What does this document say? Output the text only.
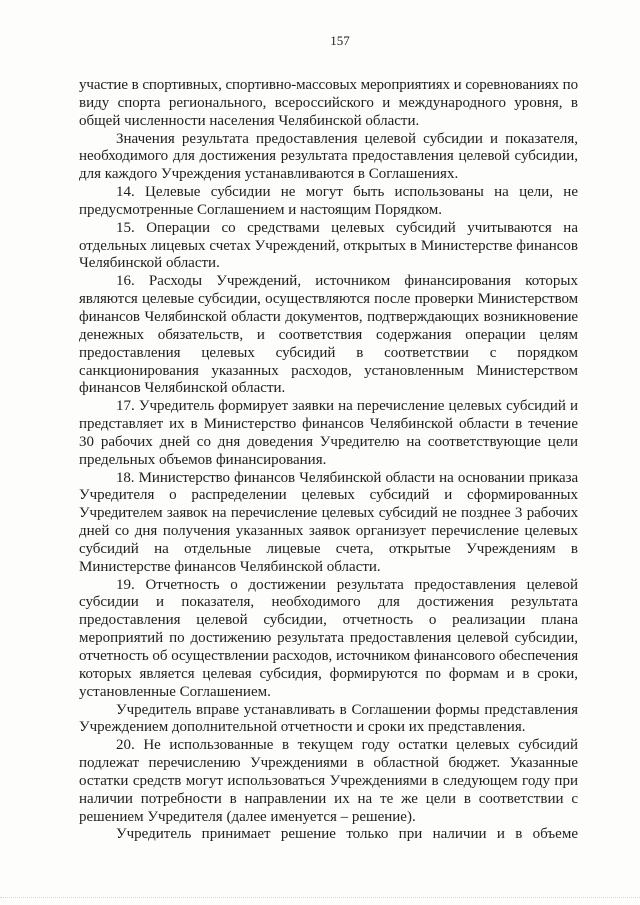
157
участие в спортивных, спортивно-массовых мероприятиях и соревнованиях по
виду спорта регионального, всероссийского и международного уровня, в
общей численности населения Челябинской области.
Значения результата предоставления целевой субсидии и показателя,
необходимого для достижения результата предоставления целевой субсидии,
для каждого Учреждения устанавливаются в Соглашениях.
14. Целевые субсидии не могут быть использованы на цели, не
предусмотренные Соглашением и настоящим Порядком.
15. Операции со средствами целевых субсидий учитываются на
отдельных лицевых счетах Учреждений, открытых в Министерстве финансов
Челябинской области.
16. Расходы Учреждений, источником финансирования которых
являются целевые субсидии, осуществляются после проверки Министерством
финансов Челябинской области документов, подтверждающих возникновение
денежных обязательств, и соответствия содержания операции целям
предоставления целевых субсидий в соответствии с порядком
санкционирования указанных расходов, установленным Министерством
финансов Челябинской области.
17. Учредитель формирует заявки на перечисление целевых субсидий и
представляет их в Министерство финансов Челябинской области в течение
30 рабочих дней со дня доведения Учредителю на соответствующие цели
предельных объемов финансирования.
18. Министерство финансов Челябинской области на основании приказа
Учредителя о распределении целевых субсидий и сформированных
Учредителем заявок на перечисление целевых субсидий не позднее 3 рабочих
дней со дня получения указанных заявок организует перечисление целевых
субсидий на отдельные лицевые счета, открытые Учреждениям в
Министерстве финансов Челябинской области.
19. Отчетность о достижении результата предоставления целевой
субсидии и показателя, необходимого для достижения результата
предоставления целевой субсидии, отчетность о реализации плана
мероприятий по достижению результата предоставления целевой субсидии,
отчетность об осуществлении расходов, источником финансового обеспечения
которых является целевая субсидия, формируются по формам и в сроки,
установленные Соглашением.
Учредитель вправе устанавливать в Соглашении формы представления
Учреждением дополнительной отчетности и сроки их представления.
20. Не использованные в текущем году остатки целевых субсидий
подлежат перечислению Учреждениями в областной бюджет. Указанные
остатки средств могут использоваться Учреждениями в следующем году при
наличии потребности в направлении их на те же цели в соответствии с
решением Учредителя (далее именуется – решение).
Учредитель принимает решение только при наличии и в объеме
